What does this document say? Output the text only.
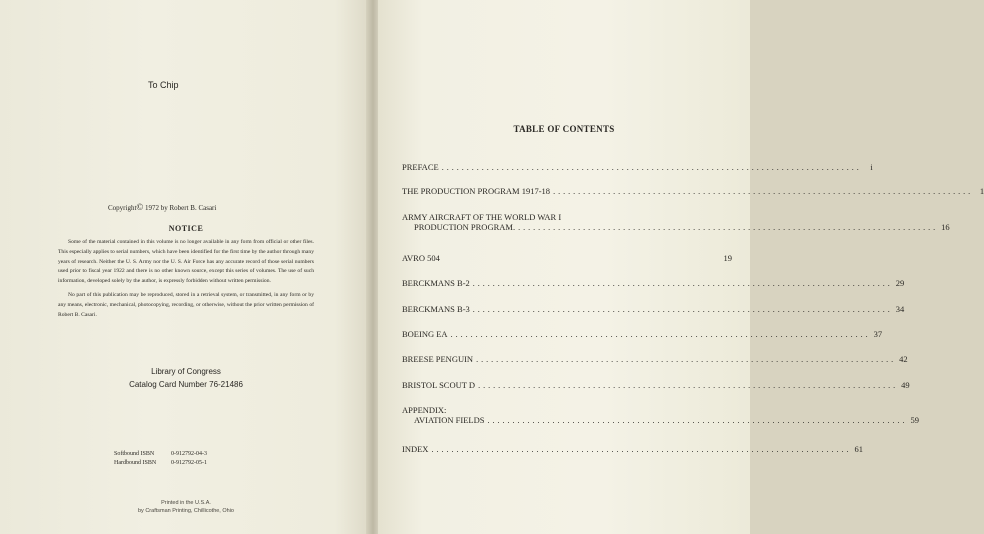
To Chip
Copyright© 1972 by Robert B. Casari
NOTICE

Some of the material contained in this volume is no longer available in any form from official or other files. This especially applies to serial numbers, which have been identified for the first time by the author through many years of research. Neither the U. S. Army nor the U. S. Air Force has any accurate record of those serial numbers used prior to fiscal year 1922 and there is no other known source, except this series of volumes. The use of such information, developed solely by the author, is expressly forbidden without written permission.

No part of this publication may be reproduced, stored in a retrieval system, or transmitted, in any form or by any means, electronic, mechanical, photocopying, recording, or otherwise, without the prior written permission of Robert B. Casari.

Library of Congress
Catalog Card Number 76-21486
Softbound ISBN	0-912792-04-3
Hardbound ISBN	0-912792-05-1
Printed in the U.S.A.
by Craftsman Printing, Chillicothe, Ohio
TABLE OF CONTENTS
PREFACE ....................................................................................	i
THE PRODUCTION PROGRAM 1917-18 .................................................................................... 1
ARMY AIRCRAFT OF THE WORLD WAR I
PRODUCTION PROGRAM. .................................................................................... 16
AVRO 504	19
BERCKMANS B-2 .................................................................................... 29
BERCKMANS B-3 .................................................................................... 34
BOEING EA .................................................................................... 37
BREESE PENGUIN .................................................................................... 42
BRISTOL SCOUT D .................................................................................... 49
APPENDIX:
AVIATION FIELDS .................................................................................... 59
INDEX .................................................................................... 61
